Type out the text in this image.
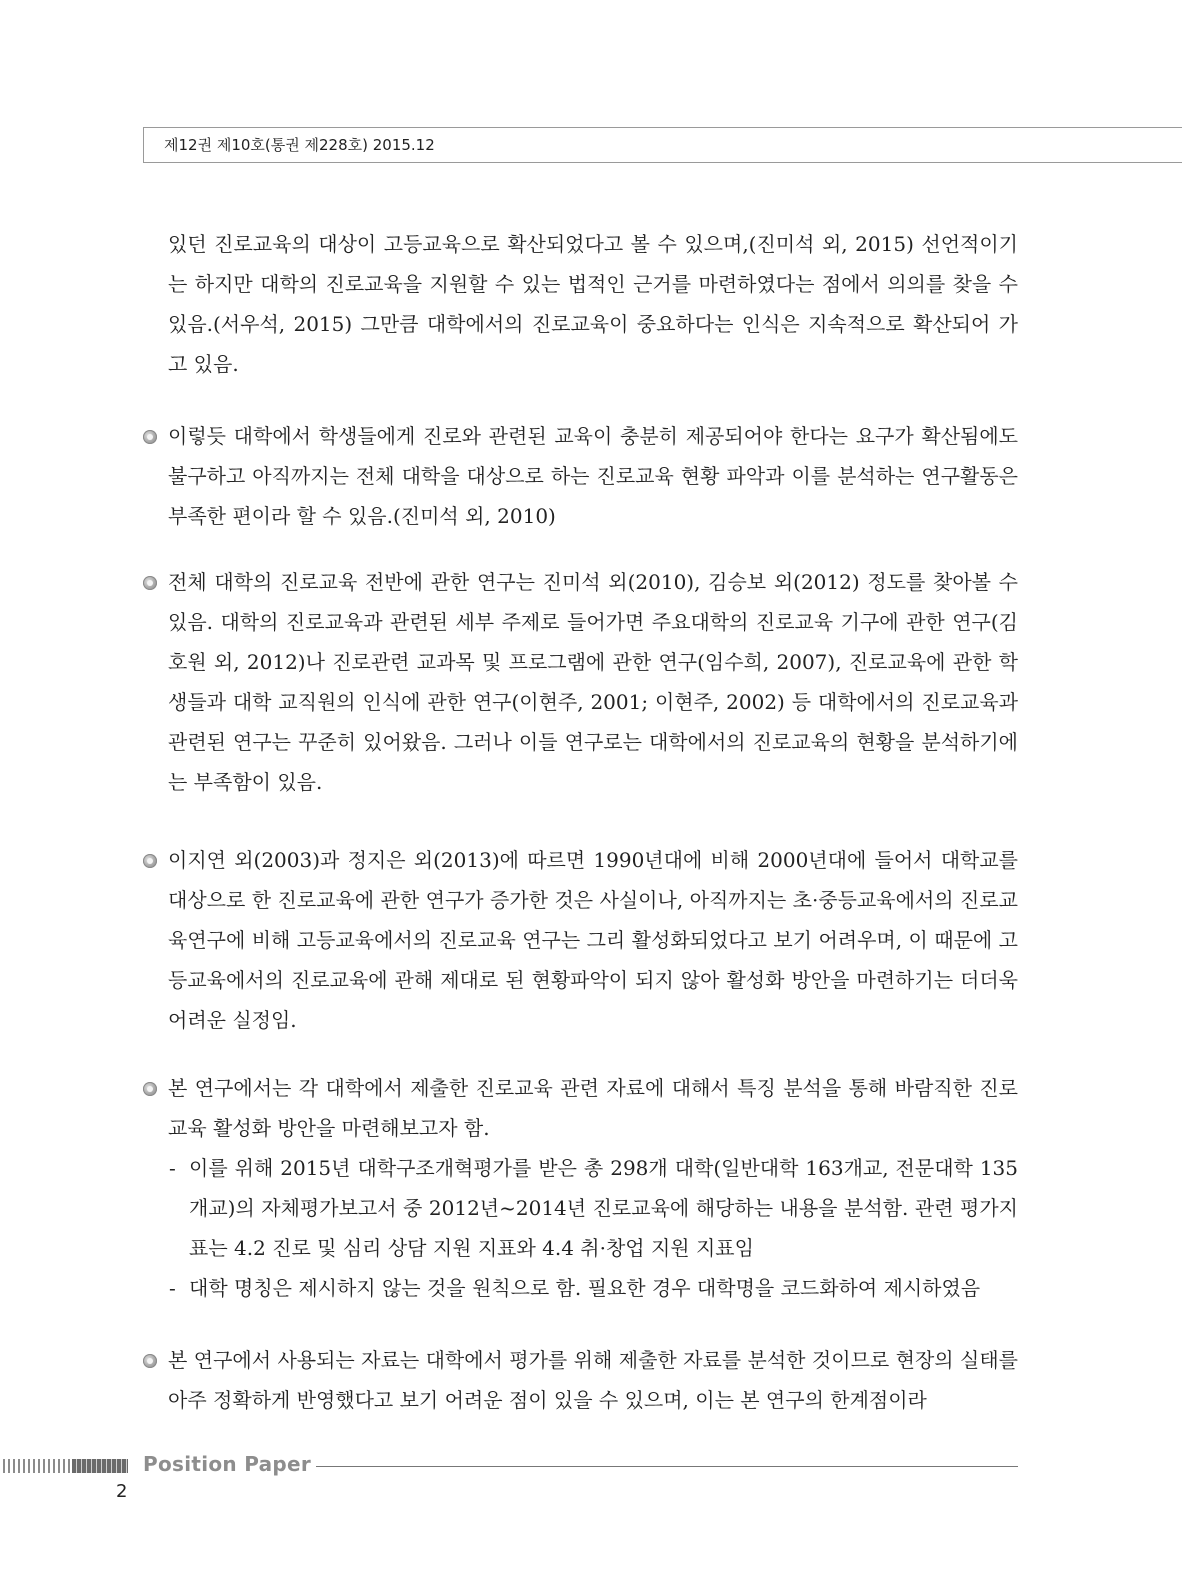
제12권 제10호(통권 제228호) 2015.12

있던 진로교육의 대상이 고등교육으로 확산되었다고 볼 수 있으며,(진미석 외, 2015) 선언적이기는 하지만 대학의 진로교육을 지원할 수 있는 법적인 근거를 마련하였다는 점에서 의의를 찾을 수 있음.(서우석, 2015) 그만큼 대학에서의 진로교육이 중요하다는 인식은 지속적으로 확산되어 가고 있음.

이렇듯 대학에서 학생들에게 진로와 관련된 교육이 충분히 제공되어야 한다는 요구가 확산됨에도 불구하고 아직까지는 전체 대학을 대상으로 하는 진로교육 현황 파악과 이를 분석하는 연구활동은 부족한 편이라 할 수 있음.(진미석 외, 2010)

전체 대학의 진로교육 전반에 관한 연구는 진미석 외(2010), 김승보 외(2012) 정도를 찾아볼 수 있음. 대학의 진로교육과 관련된 세부 주제로 들어가면 주요대학의 진로교육 기구에 관한 연구(김호원 외, 2012)나 진로관련 교과목 및 프로그램에 관한 연구(임수희, 2007), 진로교육에 관한 학생들과 대학 교직원의 인식에 관한 연구(이현주, 2001; 이현주, 2002) 등 대학에서의 진로교육과 관련된 연구는 꾸준히 있어왔음. 그러나 이들 연구로는 대학에서의 진로교육의 현황을 분석하기에는 부족함이 있음.

이지연 외(2003)과 정지은 외(2013)에 따르면 1990년대에 비해 2000년대에 들어서 대학교를 대상으로 한 진로교육에 관한 연구가 증가한 것은 사실이나, 아직까지는 초·중등교육에서의 진로교육연구에 비해 고등교육에서의 진로교육 연구는 그리 활성화되었다고 보기 어려우며, 이 때문에 고등교육에서의 진로교육에 관해 제대로 된 현황파악이 되지 않아 활성화 방안을 마련하기는 더더욱 어려운 실정임.

본 연구에서는 각 대학에서 제출한 진로교육 관련 자료에 대해서 특징 분석을 통해 바람직한 진로교육 활성화 방안을 마련해보고자 함.

- 이를 위해 2015년 대학구조개혁평가를 받은 총 298개 대학(일반대학 163개교, 전문대학 135개교)의 자체평가보고서 중 2012년~2014년 진로교육에 해당하는 내용을 분석함. 관련 평가지표는 4.2 진로 및 심리 상담 지원 지표와 4.4 취·창업 지원 지표임
- 대학 명칭은 제시하지 않는 것을 원칙으로 함. 필요한 경우 대학명을 코드화하여 제시하였음

본 연구에서 사용되는 자료는 대학에서 평가를 위해 제출한 자료를 분석한 것이므로 현장의 실태를 아주 정확하게 반영했다고 보기 어려운 점이 있을 수 있으며, 이는 본 연구의 한계점이라

Position Paper
2
